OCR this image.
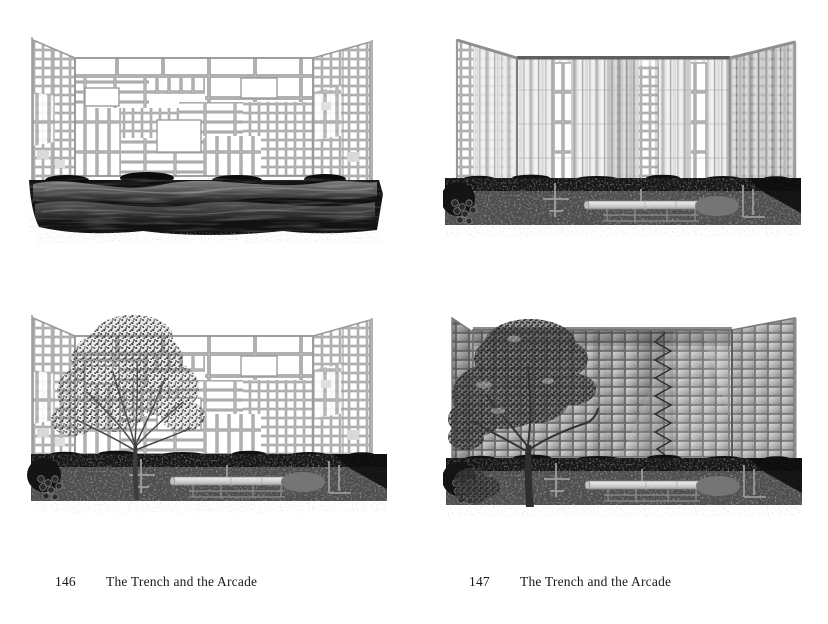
146 The Trench and the Arcade	147 The Trench and the Arcade
